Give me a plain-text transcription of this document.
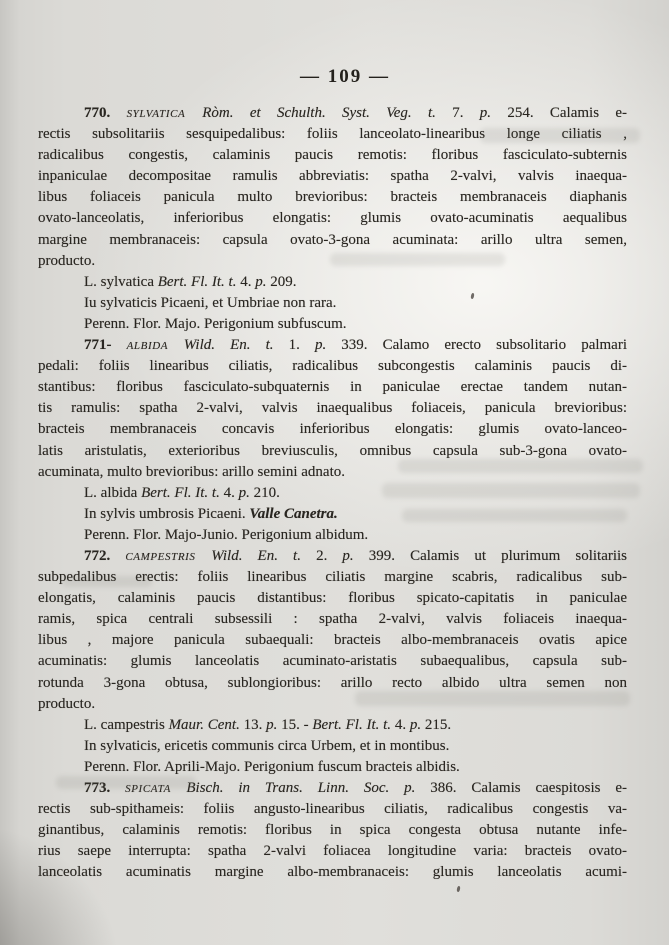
— 109 —
770. sylvatica Ròm. et Schulth. Syst. Veg. t. 7. p. 254. Calamis e-
rectis subsolitariis sesquipedalibus: foliis lanceolato-linearibus longe ciliatis ,
radicalibus congestis, calaminis paucis remotis: floribus fasciculato-subternis
inpaniculae decompositae ramulis abbreviatis: spatha 2-valvi, valvis inaequa-
libus foliaceis panicula multo brevioribus: bracteis membranaceis diaphanis
ovato-lanceolatis, inferioribus elongatis: glumis ovato-acuminatis aequalibus
margine membranaceis: capsula ovato-3-gona acuminata: arillo ultra semen,
producto.
L. sylvatica Bert. Fl. It. t. 4. p. 209.
Iu sylvaticis Picaeni, et Umbriae non rara.
Perenn. Flor. Majo. Perigonium subfuscum.
771- albida Wild. En. t. 1. p. 339. Calamo erecto subsolitario palmari
pedali: foliis linearibus ciliatis, radicalibus subcongestis calaminis paucis di-
stantibus: floribus fasciculato-subquaternis in paniculae erectae tandem nutan-
tis ramulis: spatha 2-valvi, valvis inaequalibus foliaceis, panicula brevioribus:
bracteis membranaceis concavis inferioribus elongatis: glumis ovato-lanceo-
latis aristulatis, exterioribus breviusculis, omnibus capsula sub-3-gona ovato-
acuminata, multo brevioribus: arillo semini adnato.
L. albida Bert. Fl. It. t. 4. p. 210.
In sylvis umbrosis Picaeni. Valle Canetra.
Perenn. Flor. Majo-Junio. Perigonium albidum.
772. campestris Wild. En. t. 2. p. 399. Calamis ut plurimum solitariis
subpedalibus erectis: foliis linearibus ciliatis margine scabris, radicalibus sub-
elongatis, calaminis paucis distantibus: floribus spicato-capitatis in paniculae
ramis, spica centrali subsessili : spatha 2-valvi, valvis foliaceis inaequa-
libus , majore panicula subaequali: bracteis albo-membranaceis ovatis apice
acuminatis: glumis lanceolatis acuminato-aristatis subaequalibus, capsula sub-
rotunda 3-gona obtusa, sublongioribus: arillo recto albido ultra semen non
producto.
L. campestris Maur. Cent. 13. p. 15. - Bert. Fl. It. t. 4. p. 215.
In sylvaticis, ericetis communis circa Urbem, et in montibus.
Perenn. Flor. Aprili-Majo. Perigonium fuscum bracteis albidis.
773. spicata Bisch. in Trans. Linn. Soc. p. 386. Calamis caespitosis e-
rectis sub-spithameis: foliis angusto-linearibus ciliatis, radicalibus congestis va-
ginantibus, calaminis remotis: floribus in spica congesta obtusa nutante infe-
rius saepe interrupta: spatha 2-valvi foliacea longitudine varia: bracteis ovato-
lanceolatis acuminatis margine albo-membranaceis: glumis lanceolatis acumi-
